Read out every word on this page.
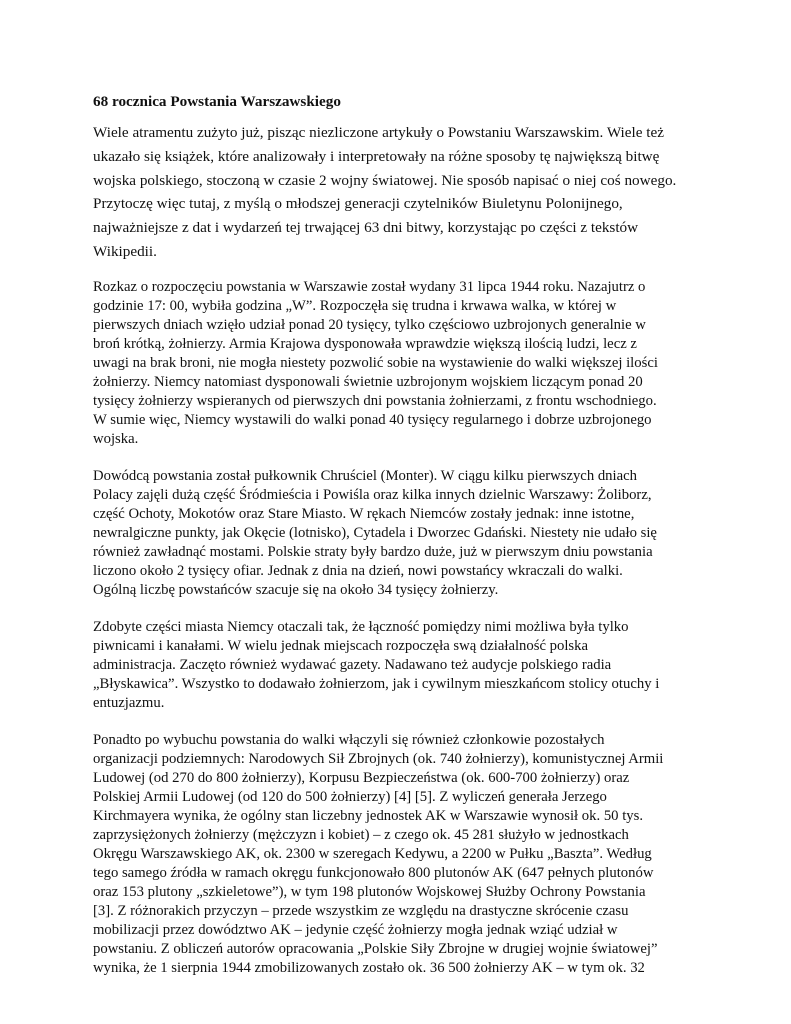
68 rocznica Powstania Warszawskiego

Wiele atramentu zużyto już, pisząc niezliczone artykuły o Powstaniu Warszawskim. Wiele też
ukazało się książek, które analizowały i interpretowały na różne sposoby tę największą bitwę
wojska polskiego, stoczoną w czasie 2 wojny światowej. Nie sposób napisać o niej coś nowego.
Przytoczę więc tutaj, z myślą o młodszej generacji czytelników Biuletynu Polonijnego,
najważniejsze z dat i wydarzeń tej trwającej 63 dni bitwy, korzystając po części z tekstów
Wikipedii.

Rozkaz o rozpoczęciu powstania w Warszawie został wydany 31 lipca 1944 roku. Nazajutrz o
godzinie 17: 00, wybiła godzina „W”. Rozpoczęła się trudna i krwawa walka, w której w
pierwszych dniach wzięło udział ponad 20 tysięcy, tylko częściowo uzbrojonych generalnie w
broń krótką, żołnierzy. Armia Krajowa dysponowała wprawdzie większą ilością ludzi, lecz z
uwagi na brak broni, nie mogła niestety pozwolić sobie na wystawienie do walki większej ilości
żołnierzy. Niemcy natomiast dysponowali świetnie uzbrojonym wojskiem liczącym ponad 20
tysięcy żołnierzy wspieranych od pierwszych dni powstania żołnierzami, z frontu wschodniego.
W sumie więc, Niemcy wystawili do walki ponad 40 tysięcy regularnego i dobrze uzbrojonego
wojska.

Dowódcą powstania został pułkownik Chruściel (Monter). W ciągu kilku pierwszych dniach
Polacy zajęli dużą część Śródmieścia i Powiśla oraz kilka innych dzielnic Warszawy: Żoliborz,
część Ochoty, Mokotów oraz Stare Miasto. W rękach Niemców zostały jednak: inne istotne,
newralgiczne punkty, jak Okęcie (lotnisko), Cytadela i Dworzec Gdański. Niestety nie udało się
również zawładnąć mostami. Polskie straty były bardzo duże, już w pierwszym dniu powstania
liczono około 2 tysięcy ofiar. Jednak z dnia na dzień, nowi powstańcy wkraczali do walki.
Ogólną liczbę powstańców szacuje się na około 34 tysięcy żołnierzy.

Zdobyte części miasta Niemcy otaczali tak, że łączność pomiędzy nimi możliwa była tylko
piwnicami i kanałami. W wielu jednak miejscach rozpoczęła swą działalność polska
administracja. Zaczęto również wydawać gazety. Nadawano też audycje polskiego radia
„Błyskawica”. Wszystko to dodawało żołnierzom, jak i cywilnym mieszkańcom stolicy otuchy i
entuzjazmu.

Ponadto po wybuchu powstania do walki włączyli się również członkowie pozostałych
organizacji podziemnych: Narodowych Sił Zbrojnych (ok. 740 żołnierzy), komunistycznej Armii
Ludowej (od 270 do 800 żołnierzy), Korpusu Bezpieczeństwa (ok. 600-700 żołnierzy) oraz
Polskiej Armii Ludowej (od 120 do 500 żołnierzy) [4] [5]. Z wyliczeń generała Jerzego
Kirchmayera wynika, że ogólny stan liczebny jednostek AK w Warszawie wynosił ok. 50 tys.
zaprzysiężonych żołnierzy (mężczyzn i kobiet) – z czego ok. 45 281 służyło w jednostkach
Okręgu Warszawskiego AK, ok. 2300 w szeregach Kedywu, a 2200 w Pułku „Baszta”. Według
tego samego źródła w ramach okręgu funkcjonowało 800 plutonów AK (647 pełnych plutonów
oraz 153 plutony „szkieletowe”), w tym 198 plutonów Wojskowej Służby Ochrony Powstania
[3]. Z różnorakich przyczyn – przede wszystkim ze względu na drastyczne skrócenie czasu
mobilizacji przez dowództwo AK – jedynie część żołnierzy mogła jednak wziąć udział w
powstaniu. Z obliczeń autorów opracowania „Polskie Siły Zbrojne w drugiej wojnie światowej”
wynika, że 1 sierpnia 1944 zmobilizowanych zostało ok. 36 500 żołnierzy AK – w tym ok. 32
